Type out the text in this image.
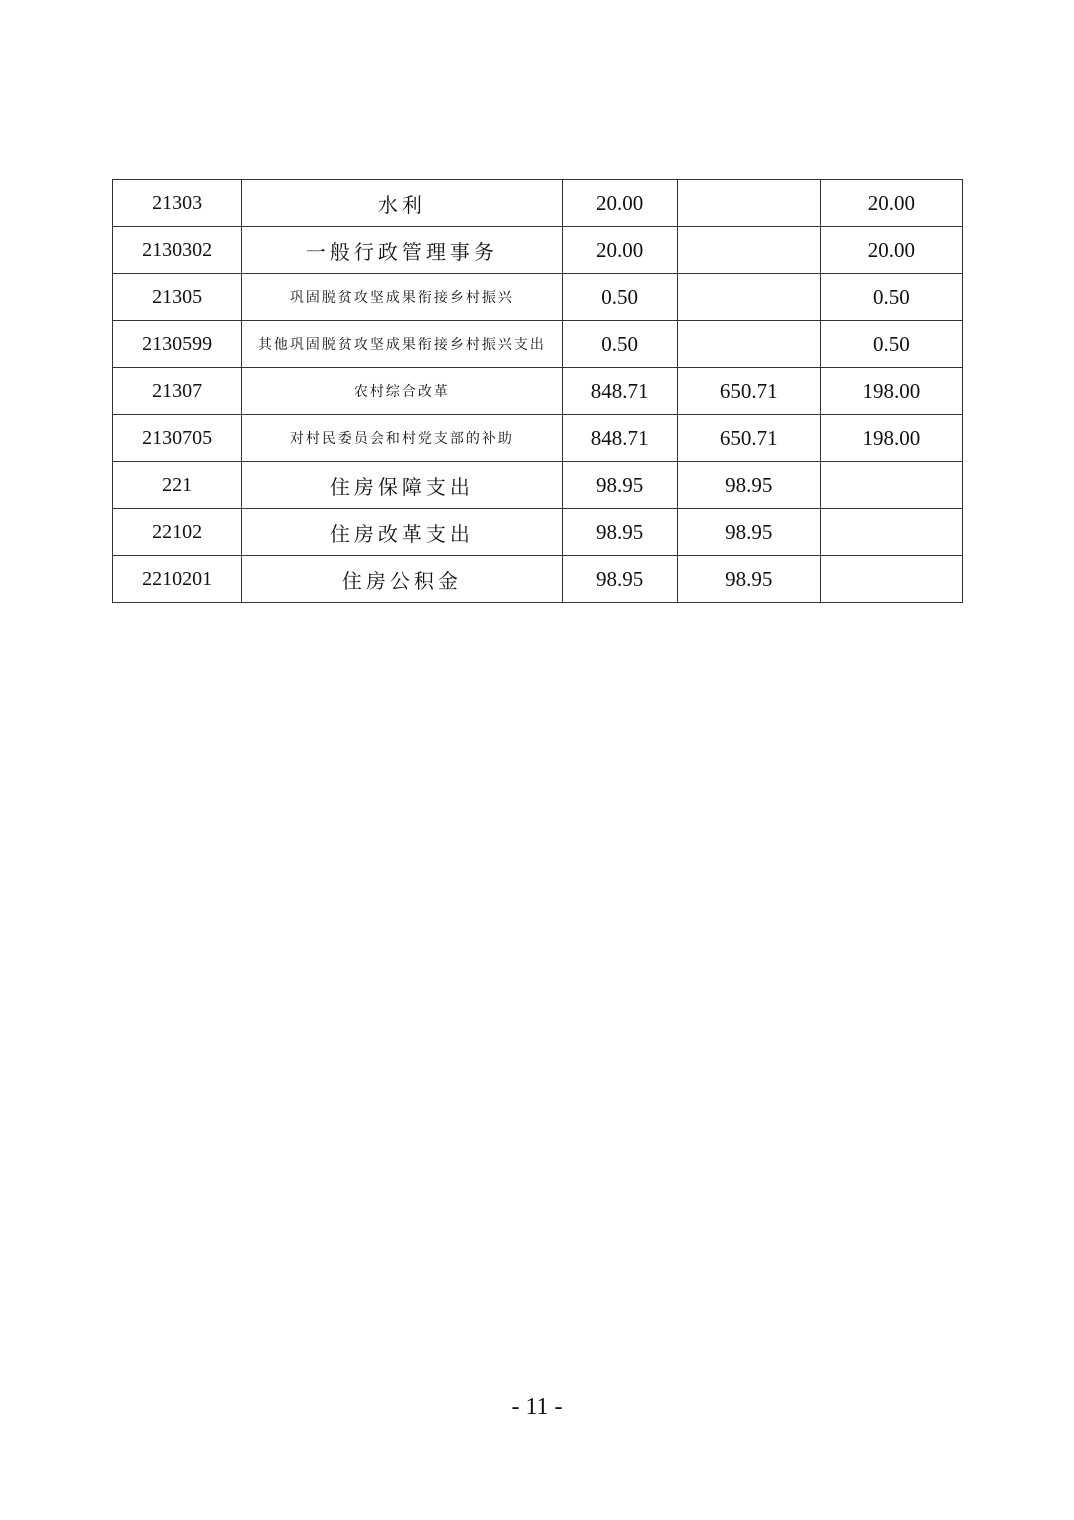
21303	水利	20.00		20.00
2130302	一般行政管理事务	20.00		20.00
21305	巩固脱贫攻坚成果衔接乡村振兴	0.50		0.50
2130599	其他巩固脱贫攻坚成果衔接乡村振兴支出	0.50		0.50
21307	农村综合改革	848.71	650.71	198.00
2130705	对村民委员会和村党支部的补助	848.71	650.71	198.00
221	住房保障支出	98.95	98.95	
22102	住房改革支出	98.95	98.95	
2210201	住房公积金	98.95	98.95	
- 11 -
